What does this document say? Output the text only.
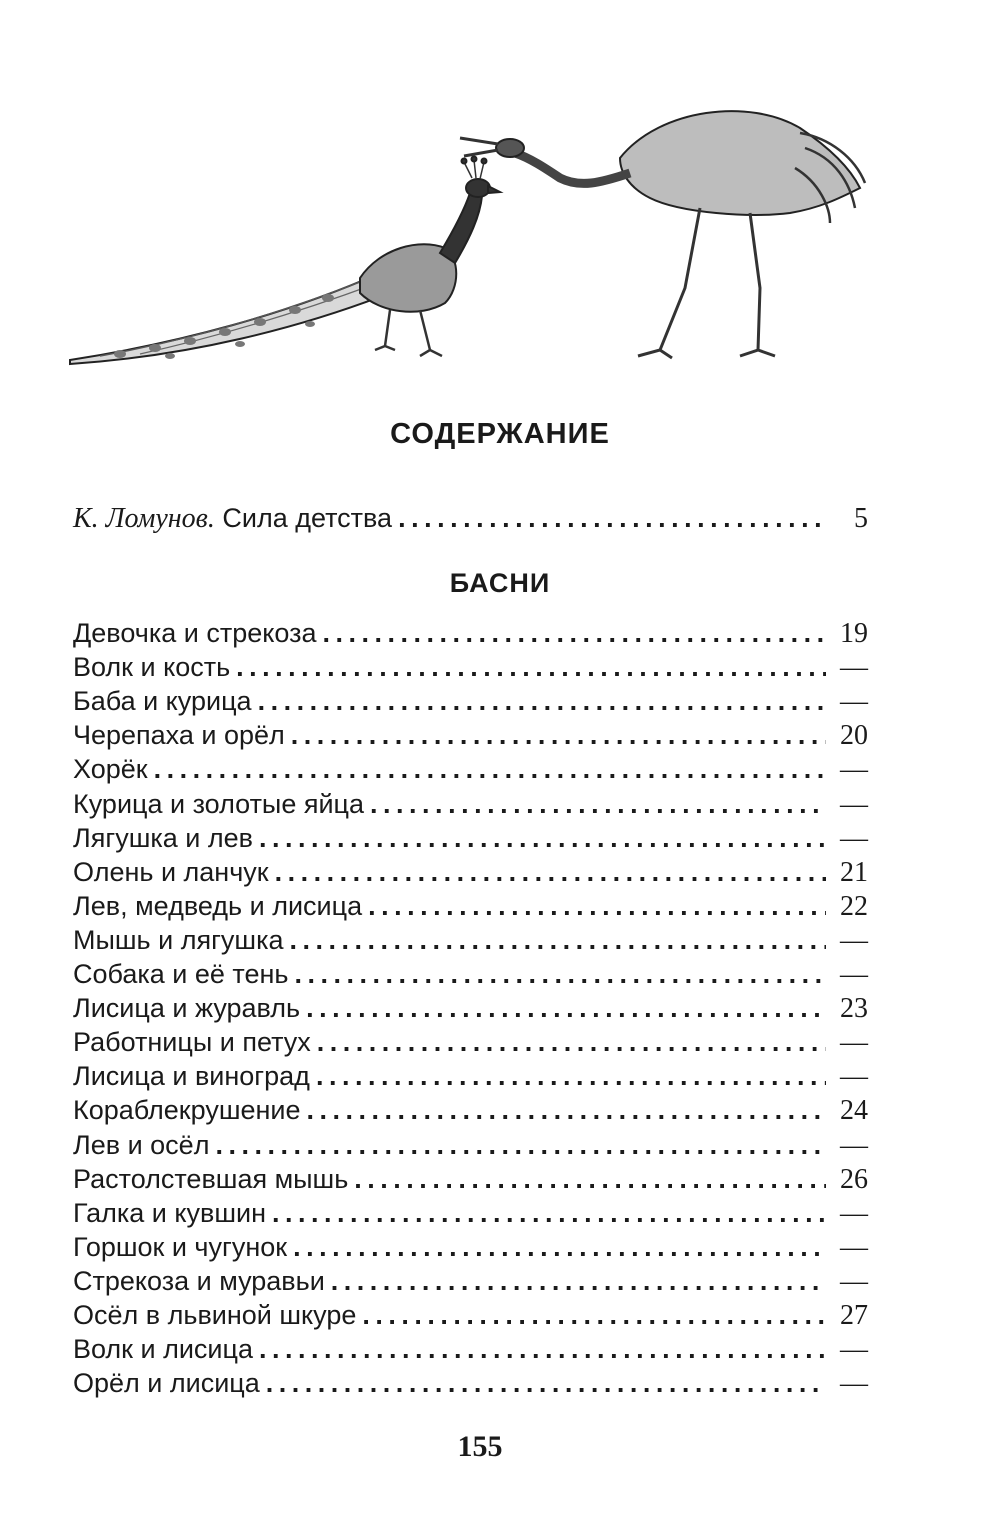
СОДЕРЖАНИЕ
К. Ломунов. Сила детства . . .	5
БАСНИ
Девочка и стрекоза . . .	19
Волк и кость . . .	—
Баба и курица . . .	—
Черепаха и орёл . . .	20
Хорёк . . .	—
Курица и золотые яйца . . .	—
Лягушка и лев . . .	—
Олень и ланчук . . .	21
Лев, медведь и лисица . . .	22
Мышь и лягушка . . .	—
Собака и её тень . . .	—
Лисица и журавль . . .	23
Работницы и петух . . .	—
Лисица и виноград . . .	—
Кораблекрушение . . .	24
Лев и осёл . . .	—
Растолстевшая мышь . . .	26
Галка и кувшин . . .	—
Горшок и чугунок . . .	—
Стрекоза и муравьи . . .	—
Осёл в львиной шкуре . . .	27
Волк и лисица . . .	—
Орёл и лисица . . .	—
155
